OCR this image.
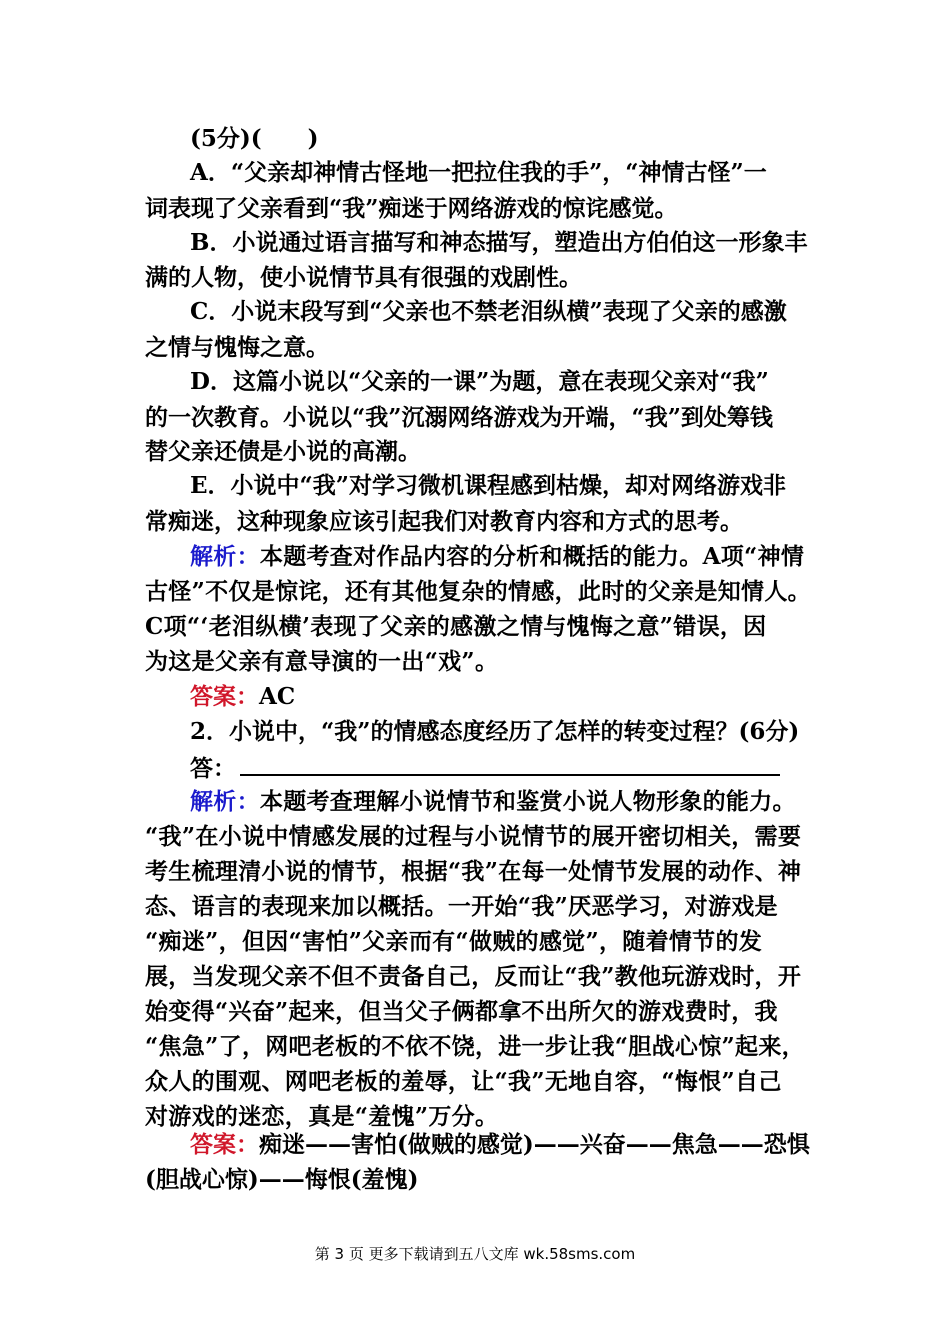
(5分)(　　)
A．“父亲却神情古怪地一把拉住我的手”，“神情古怪”一
词表现了父亲看到“我”痴迷于网络游戏的惊诧感觉。
B．小说通过语言描写和神态描写，塑造出方伯伯这一形象丰
满的人物，使小说情节具有很强的戏剧性。
C．小说末段写到“父亲也不禁老泪纵横”表现了父亲的感激
之情与愧悔之意。
D．这篇小说以“父亲的一课”为题，意在表现父亲对“我”
的一次教育。小说以“我”沉溺网络游戏为开端，“我”到处筹钱
替父亲还债是小说的高潮。
E．小说中“我”对学习微机课程感到枯燥，却对网络游戏非
常痴迷，这种现象应该引起我们对教育内容和方式的思考。
解析：本题考查对作品内容的分析和概括的能力。A项“神情
古怪”不仅是惊诧，还有其他复杂的情感，此时的父亲是知情人。
C项“‘老泪纵横’表现了父亲的感激之情与愧悔之意”错误，因
为这是父亲有意导演的一出“戏”。
答案：AC
2．小说中，“我”的情感态度经历了怎样的转变过程？(6分)
答：
解析：本题考查理解小说情节和鉴赏小说人物形象的能力。
“我”在小说中情感发展的过程与小说情节的展开密切相关，需要
考生梳理清小说的情节，根据“我”在每一处情节发展的动作、神
态、语言的表现来加以概括。一开始“我”厌恶学习，对游戏是
“痴迷”，但因“害怕”父亲而有“做贼的感觉”，随着情节的发
展，当发现父亲不但不责备自己，反而让“我”教他玩游戏时，开
始变得“兴奋”起来，但当父子俩都拿不出所欠的游戏费时，我
“焦急”了，网吧老板的不依不饶，进一步让我“胆战心惊”起来，
众人的围观、网吧老板的羞辱，让“我”无地自容，“悔恨”自己
对游戏的迷恋，真是“羞愧”万分。
答案：痴迷——害怕(做贼的感觉)——兴奋——焦急——恐惧
(胆战心惊)——悔恨(羞愧)
第 3 页 更多下载请到五八文库 wk.58sms.com
